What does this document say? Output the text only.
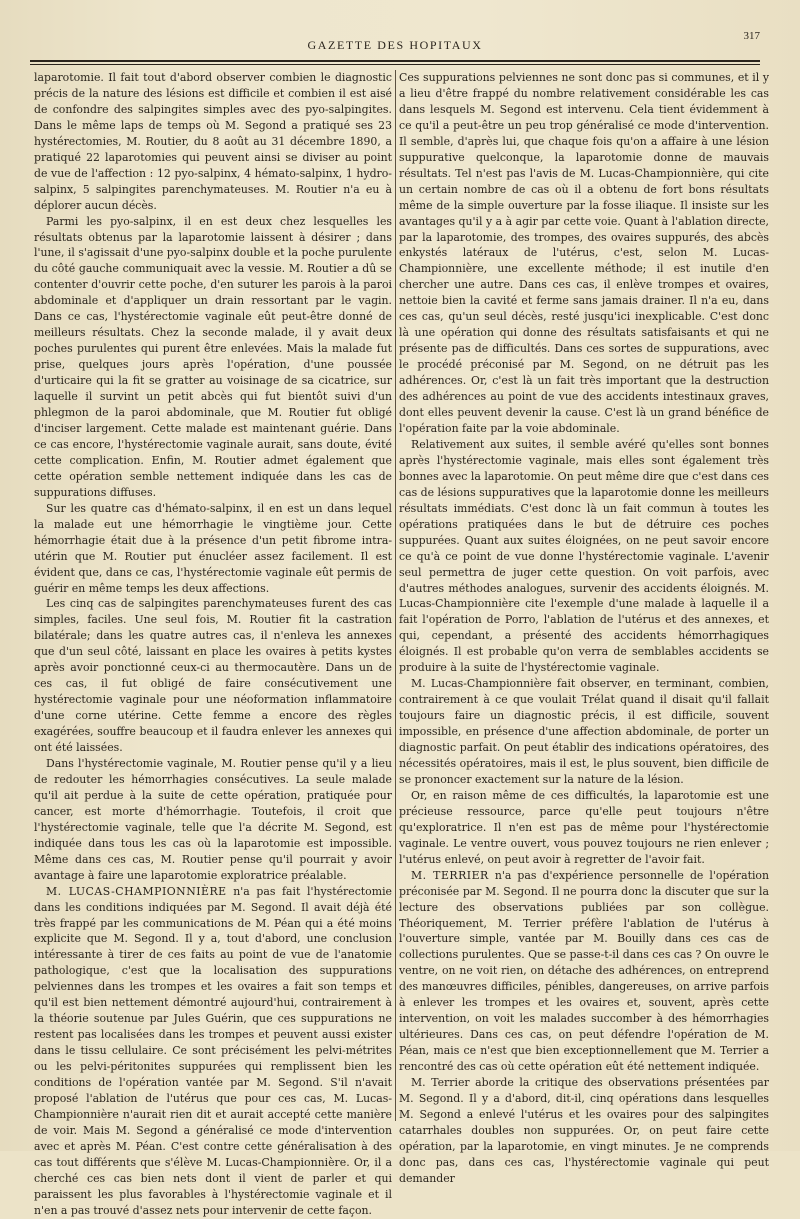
GAZETTE DES HOPITAUX
317

laparotomie. Il fait tout d'abord observer combien le diagnostic précis de la nature des lésions est difficile et combien il est aisé de confondre des salpingites simples avec des pyo-salpingites. Dans le même laps de temps où M. Segond a pratiqué ses 23 hystérectomies, M. Routier, du 8 août au 31 décembre 1890, a pratiqué 22 laparotomies qui peuvent ainsi se diviser au point de vue de l'affection : 12 pyo-salpinx, 4 hémato-salpinx, 1 hydro-salpinx, 5 salpingites parenchymateuses. M. Routier n'a eu à déplorer aucun décès.

Parmi les pyo-salpinx, il en est deux chez lesquelles les résultats obtenus par la laparotomie laissent à désirer ; dans l'une, il s'agissait d'une pyo-salpinx double et la poche purulente du côté gauche communiquait avec la vessie. M. Routier a dû se contenter d'ouvrir cette poche, d'en suturer les parois à la paroi abdominale et d'appliquer un drain ressortant par le vagin. Dans ce cas, l'hystérectomie vaginale eût peut-être donné de meilleurs résultats. Chez la seconde malade, il y avait deux poches purulentes qui purent être enlevées. Mais la malade fut prise, quelques jours après l'opération, d'une poussée d'urticaire qui la fit se gratter au voisinage de sa cicatrice, sur laquelle il survint un petit abcès qui fut bientôt suivi d'un phlegmon de la paroi abdominale, que M. Routier fut obligé d'inciser largement. Cette malade est maintenant guérie. Dans ce cas encore, l'hystérectomie vaginale aurait, sans doute, évité cette complication. Enfin, M. Routier admet également que cette opération semble nettement indiquée dans les cas de suppurations diffuses.

Sur les quatre cas d'hémato-salpinx, il en est un dans lequel la malade eut une hémorrhagie le vingtième jour. Cette hémorrhagie était due à la présence d'un petit fibrome intra-utérin que M. Routier put énucléer assez facilement. Il est évident que, dans ce cas, l'hystérectomie vaginale eût permis de guérir en même temps les deux affections.

Les cinq cas de salpingites parenchymateuses furent des cas simples, faciles. Une seul fois, M. Routier fit la castration bilatérale; dans les quatre autres cas, il n'enleva les annexes que d'un seul côté, laissant en place les ovaires à petits kystes après avoir ponctionné ceux-ci au thermocautère. Dans un de ces cas, il fut obligé de faire consécutivement une hystérectomie vaginale pour une néoformation inflammatoire d'une corne utérine. Cette femme a encore des règles exagérées, souffre beaucoup et il faudra enlever les annexes qui ont été laissées.

Dans l'hystérectomie vaginale, M. Routier pense qu'il y a lieu de redouter les hémorrhagies consécutives. La seule malade qu'il ait perdue à la suite de cette opération, pratiquée pour cancer, est morte d'hémorrhagie. Toutefois, il croit que l'hystérectomie vaginale, telle que l'a décrite M. Segond, est indiquée dans tous les cas où la laparotomie est impossible. Même dans ces cas, M. Routier pense qu'il pourrait y avoir avantage à faire une laparotomie exploratrice préalable.

M. LUCAS-CHAMPIONNIÈRE n'a pas fait l'hystérectomie dans les conditions indiquées par M. Segond. Il avait déjà été très frappé par les communications de M. Péan qui a été moins explicite que M. Segond. Il y a, tout d'abord, une conclusion intéressante à tirer de ces faits au point de vue de l'anatomie pathologique, c'est que la localisation des suppurations pelviennes dans les trompes et les ovaires a fait son temps et qu'il est bien nettement démontré aujourd'hui, contrairement à la théorie soutenue par Jules Guérin, que ces suppurations ne restent pas localisées dans les trompes et peuvent aussi exister dans le tissu cellulaire. Ce sont précisément les pelvi-métrites ou les pelvi-péritonites suppurées qui remplissent bien les conditions de l'opération vantée par M. Segond. S'il n'avait proposé l'ablation de l'utérus que pour ces cas, M. Lucas-Championnière n'aurait rien dit et aurait accepté cette manière de voir. Mais M. Segond a généralisé ce mode d'intervention avec et après M. Péan. C'est contre cette généralisation à des cas tout différents que s'élève M. Lucas-Championnière. Or, il a cherché ces cas bien nets dont il vient de parler et qui paraissent les plus favorables à l'hystérectomie vaginale et il n'en a pas trouvé d'assez nets pour intervenir de cette façon.

Ces suppurations pelviennes ne sont donc pas si communes, et il y a lieu d'être frappé du nombre relativement considérable les cas dans lesquels M. Segond est intervenu. Cela tient évidemment à ce qu'il a peut-être un peu trop généralisé ce mode d'intervention. Il semble, d'après lui, que chaque fois qu'on a affaire à une lésion suppurative quelconque, la laparotomie donne de mauvais résultats. Tel n'est pas l'avis de M. Lucas-Championnière, qui cite un certain nombre de cas où il a obtenu de fort bons résultats même de la simple ouverture par la fosse iliaque. Il insiste sur les avantages qu'il y a à agir par cette voie. Quant à l'ablation directe, par la laparotomie, des trompes, des ovaires suppurés, des abcès enkystés latéraux de l'utérus, c'est, selon M. Lucas-Championnière, une excellente méthode; il est inutile d'en chercher une autre. Dans ces cas, il enlève trompes et ovaires, nettoie bien la cavité et ferme sans jamais drainer. Il n'a eu, dans ces cas, qu'un seul décès, resté jusqu'ici inexplicable. C'est donc là une opération qui donne des résultats satisfaisants et qui ne présente pas de difficultés. Dans ces sortes de suppurations, avec le procédé préconisé par M. Segond, on ne détruit pas les adhérences. Or, c'est là un fait très important que la destruction des adhérences au point de vue des accidents intestinaux graves, dont elles peuvent devenir la cause. C'est là un grand bénéfice de l'opération faite par la voie abdominale.

Relativement aux suites, il semble avéré qu'elles sont bonnes après l'hystérectomie vaginale, mais elles sont également très bonnes avec la laparotomie. On peut même dire que c'est dans ces cas de lésions suppuratives que la laparotomie donne les meilleurs résultats immédiats. C'est donc là un fait commun à toutes les opérations pratiquées dans le but de détruire ces poches suppurées. Quant aux suites éloignées, on ne peut savoir encore ce qu'à ce point de vue donne l'hystérectomie vaginale. L'avenir seul permettra de juger cette question. On voit parfois, avec d'autres méthodes analogues, survenir des accidents éloignés. M. Lucas-Championnière cite l'exemple d'une malade à laquelle il a fait l'opération de Porro, l'ablation de l'utérus et des annexes, et qui, cependant, a présenté des accidents hémorrhagiques éloignés. Il est probable qu'on verra de semblables accidents se produire à la suite de l'hystérectomie vaginale.

M. Lucas-Championnière fait observer, en terminant, combien, contrairement à ce que voulait Trélat quand il disait qu'il fallait toujours faire un diagnostic précis, il est difficile, souvent impossible, en présence d'une affection abdominale, de porter un diagnostic parfait. On peut établir des indications opératoires, des nécessités opératoires, mais il est, le plus souvent, bien difficile de se prononcer exactement sur la nature de la lésion.

Or, en raison même de ces difficultés, la laparotomie est une précieuse ressource, parce qu'elle peut toujours n'être qu'exploratrice. Il n'en est pas de même pour l'hystérectomie vaginale. Le ventre ouvert, vous pouvez toujours ne rien enlever ; l'utérus enlevé, on peut avoir à regretter de l'avoir fait.

M. TERRIER n'a pas d'expérience personnelle de l'opération préconisée par M. Segond. Il ne pourra donc la discuter que sur la lecture des observations publiées par son collègue. Théoriquement, M. Terrier préfère l'ablation de l'utérus à l'ouverture simple, vantée par M. Bouilly dans ces cas de collections purulentes. Que se passe-t-il dans ces cas ? On ouvre le ventre, on ne voit rien, on détache des adhérences, on entreprend des manœuvres difficiles, pénibles, dangereuses, on arrive parfois à enlever les trompes et les ovaires et, souvent, après cette intervention, on voit les malades succomber à des hémorrhagies ultérieures. Dans ces cas, on peut défendre l'opération de M. Péan, mais ce n'est que bien exceptionnellement que M. Terrier a rencontré des cas où cette opération eût été nettement indiquée.

M. Terrier aborde la critique des observations présentées par M. Segond. Il y a d'abord, dit-il, cinq opérations dans lesquelles M. Segond a enlevé l'utérus et les ovaires pour des salpingites catarrhales doubles non suppurées. Or, on peut faire cette opération, par la laparotomie, en vingt minutes. Je ne comprends donc pas, dans ces cas, l'hystérectomie vaginale qui peut demander
